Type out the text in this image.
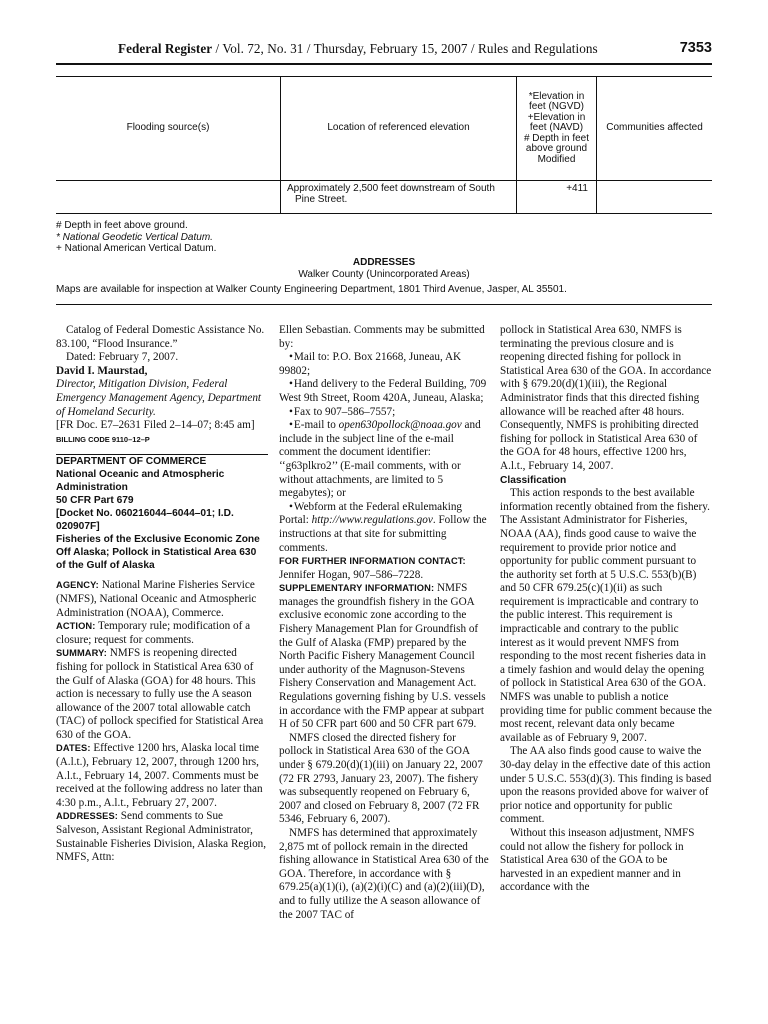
Federal Register / Vol. 72, No. 31 / Thursday, February 15, 2007 / Rules and Regulations	7353
Flooding source(s)	Location of referenced elevation
*Elevation in feet (NGVD)
+Elevation in feet (NAVD)
# Depth in feet above ground
Modified
Communities affected
Approximately 2,500 feet downstream of South
Pine Street.
+411
# Depth in feet above ground.
* National Geodetic Vertical Datum.
+ National American Vertical Datum.
ADDRESSES
Walker County (Unincorporated Areas)
Maps are available for inspection at Walker County Engineering Department, 1801 Third Avenue, Jasper, AL 35501.

Catalog of Federal Domestic Assistance No. 83.100, “Flood Insurance.”

Dated: February 7, 2007.

David I. Maurstad,

Director, Mitigation Division, Federal Emergency Management Agency, Department of Homeland Security.

[FR Doc. E7–2631 Filed 2–14–07; 8:45 am]

BILLING CODE 9110–12–P

DEPARTMENT OF COMMERCE

National Oceanic and Atmospheric Administration

50 CFR Part 679

[Docket No. 060216044–6044–01; I.D. 020907F]

Fisheries of the Exclusive Economic Zone Off Alaska; Pollock in Statistical Area 630 of the Gulf of Alaska

AGENCY: National Marine Fisheries Service (NMFS), National Oceanic and Atmospheric Administration (NOAA), Commerce.

ACTION: Temporary rule; modification of a closure; request for comments.

SUMMARY: NMFS is reopening directed fishing for pollock in Statistical Area 630 of the Gulf of Alaska (GOA) for 48 hours. This action is necessary to fully use the A season allowance of the 2007 total allowable catch (TAC) of pollock specified for Statistical Area 630 of the GOA.

DATES: Effective 1200 hrs, Alaska local time (A.l.t.), February 12, 2007, through 1200 hrs, A.l.t., February 14, 2007. Comments must be received at the following address no later than 4:30 p.m., A.l.t., February 27, 2007.

ADDRESSES: Send comments to Sue Salveson, Assistant Regional Administrator, Sustainable Fisheries Division, Alaska Region, NMFS, Attn:

Ellen Sebastian. Comments may be submitted by:

• Mail to: P.O. Box 21668, Juneau, AK 99802;

• Hand delivery to the Federal Building, 709 West 9th Street, Room 420A, Juneau, Alaska;

• Fax to 907–586–7557;

• E-mail to open630pollock@noaa.gov and include in the subject line of the e-mail comment the document identifier: ‘‘g63plkro2’’ (E-mail comments, with or without attachments, are limited to 5 megabytes); or

• Webform at the Federal eRulemaking Portal: http://www.regulations.gov. Follow the instructions at that site for submitting comments.

FOR FURTHER INFORMATION CONTACT:

Jennifer Hogan, 907–586–7228.

SUPPLEMENTARY INFORMATION: NMFS manages the groundfish fishery in the GOA exclusive economic zone according to the Fishery Management Plan for Groundfish of the Gulf of Alaska (FMP) prepared by the North Pacific Fishery Management Council under authority of the Magnuson-Stevens Fishery Conservation and Management Act. Regulations governing fishing by U.S. vessels in accordance with the FMP appear at subpart H of 50 CFR part 600 and 50 CFR part 679.

NMFS closed the directed fishery for pollock in Statistical Area 630 of the GOA under § 679.20(d)(1)(iii) on January 22, 2007 (72 FR 2793, January 23, 2007). The fishery was subsequently reopened on February 6, 2007 and closed on February 8, 2007 (72 FR 5346, February 6, 2007).

NMFS has determined that approximately 2,875 mt of pollock remain in the directed fishing allowance in Statistical Area 630 of the GOA. Therefore, in accordance with § 679.25(a)(1)(i), (a)(2)(i)(C) and (a)(2)(iii)(D), and to fully utilize the A season allowance of the 2007 TAC of

pollock in Statistical Area 630, NMFS is terminating the previous closure and is reopening directed fishing for pollock in Statistical Area 630 of the GOA. In accordance with § 679.20(d)(1)(iii), the Regional Administrator finds that this directed fishing allowance will be reached after 48 hours. Consequently, NMFS is prohibiting directed fishing for pollock in Statistical Area 630 of the GOA for 48 hours, effective 1200 hrs, A.l.t., February 14, 2007.

Classification

This action responds to the best available information recently obtained from the fishery. The Assistant Administrator for Fisheries, NOAA (AA), finds good cause to waive the requirement to provide prior notice and opportunity for public comment pursuant to the authority set forth at 5 U.S.C. 553(b)(B) and 50 CFR 679.25(c)(1)(ii) as such requirement is impracticable and contrary to the public interest. This requirement is impracticable and contrary to the public interest as it would prevent NMFS from responding to the most recent fisheries data in a timely fashion and would delay the opening of pollock in Statistical Area 630 of the GOA. NMFS was unable to publish a notice providing time for public comment because the most recent, relevant data only became available as of February 9, 2007.

The AA also finds good cause to waive the 30-day delay in the effective date of this action under 5 U.S.C. 553(d)(3). This finding is based upon the reasons provided above for waiver of prior notice and opportunity for public comment.

Without this inseason adjustment, NMFS could not allow the fishery for pollock in Statistical Area 630 of the GOA to be harvested in an expedient manner and in accordance with the
